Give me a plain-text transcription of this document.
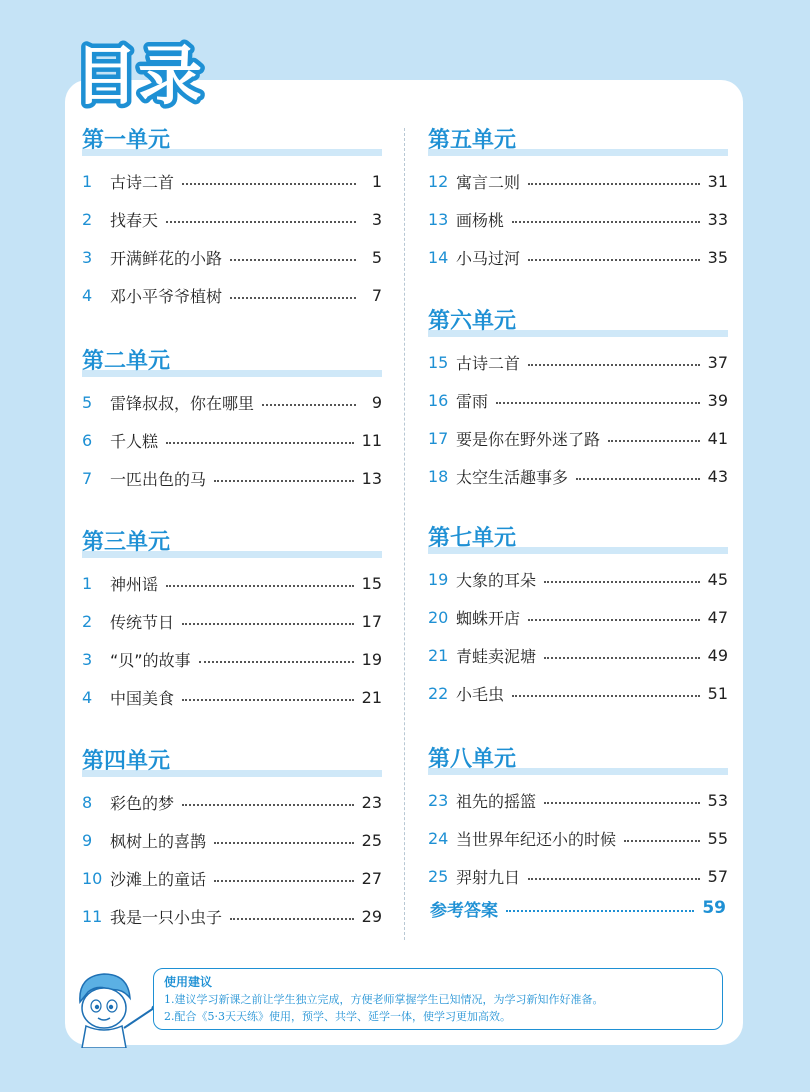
目录
第一单元
1	古诗二首	1
2	找春天	3
3	开满鲜花的小路	5
4	邓小平爷爷植树	7
第二单元
5	雷锋叔叔，你在哪里	9
6	千人糕	11
7	一匹出色的马	13
第三单元
1	神州谣	15
2	传统节日	17
3	“贝”的故事	19
4	中国美食	21
第四单元
8	彩色的梦	23
9	枫树上的喜鹊	25
10 沙滩上的童话	27
11 我是一只小虫子	29
第五单元
12 寓言二则	31
13 画杨桃	33
14 小马过河	35
第六单元
15 古诗二首	37
16 雷雨	39
17 要是你在野外迷了路	41
18 太空生活趣事多	43
第七单元
19 大象的耳朵	45
20 蜘蛛开店	47
21 青蛙卖泥塘	49
22 小毛虫	51
第八单元
23 祖先的摇篮	53
24 当世界年纪还小的时候	55
25 羿射九日	57
参考答案	59
使用建议
1.建议学习新课之前让学生独立完成，方便老师掌握学生已知情况，为学习新知作好准备。
2.配合《5·3天天练》使用，预学、共学、延学一体，使学习更加高效。
